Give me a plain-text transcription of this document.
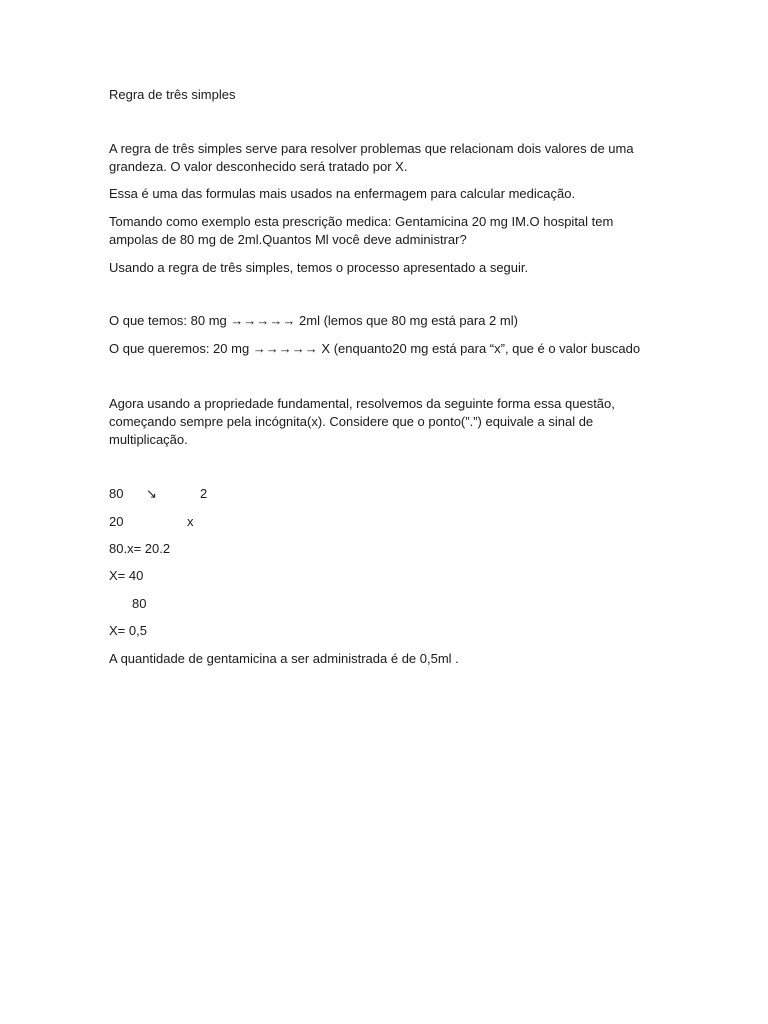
Regra de três simples

A regra de três simples serve para resolver problemas que relacionam dois valores de uma

grandeza. O valor desconhecido será tratado por X.

Essa é uma das formulas mais usados na enfermagem para calcular medicação.

Tomando como exemplo esta prescrição medica: Gentamicina 20 mg IM.O hospital tem

ampolas de 80 mg de 2ml.Quantos Ml você deve administrar?

Usando a regra de três simples, temos o processo apresentado a seguir.

O que temos: 80 mg →→→→→ 2ml (lemos que 80 mg está para 2 ml)

O que queremos: 20 mg →→→→→ X (enquanto20 mg está para “x”, que é o valor buscado

Agora usando a propriedade fundamental, resolvemos da seguinte forma essa questão,

começando sempre pela incógnita(x). Considere que o ponto(”.”) equivale a sinal de

multiplicação.

80 ↘	2

20	x

80.x= 20.2

X= 40

80

X= 0,5

A quantidade de gentamicina a ser administrada é de 0,5ml .
